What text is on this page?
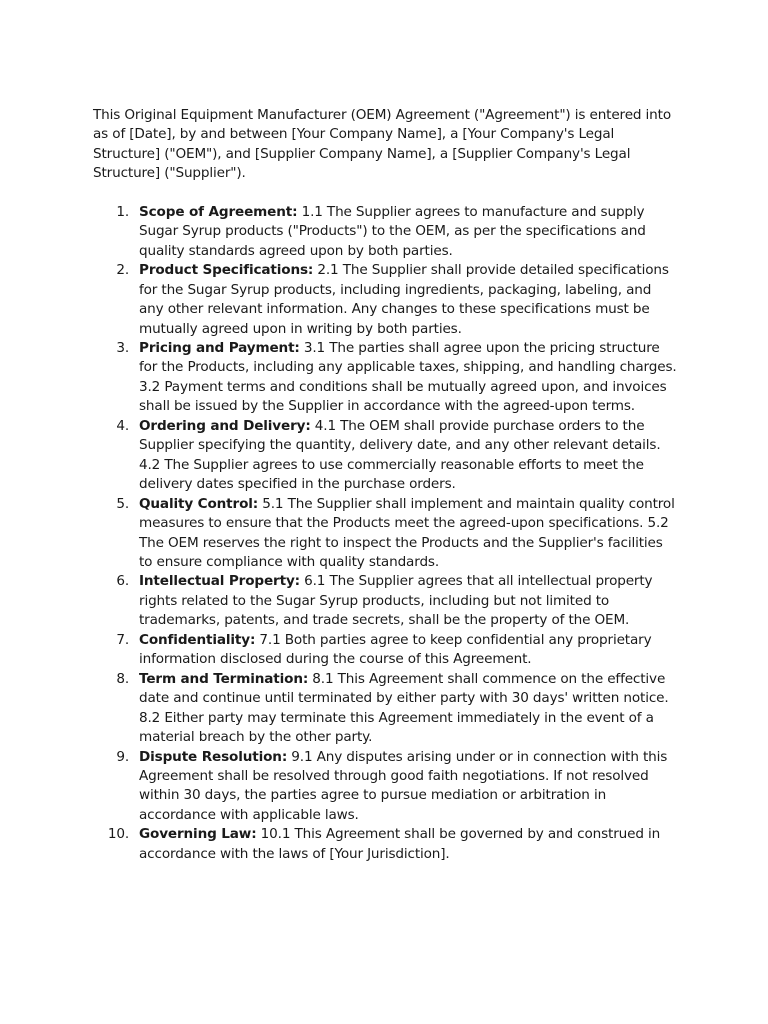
This Original Equipment Manufacturer (OEM) Agreement ("Agreement") is entered into as of [Date], by and between [Your Company Name], a [Your Company's Legal Structure] ("OEM"), and [Supplier Company Name], a [Supplier Company's Legal Structure] ("Supplier").

1. Scope of Agreement: 1.1 The Supplier agrees to manufacture and supply Sugar Syrup products ("Products") to the OEM, as per the specifications and quality standards agreed upon by both parties.
2. Product Specifications: 2.1 The Supplier shall provide detailed specifications for the Sugar Syrup products, including ingredients, packaging, labeling, and any other relevant information. Any changes to these specifications must be mutually agreed upon in writing by both parties.
3. Pricing and Payment: 3.1 The parties shall agree upon the pricing structure for the Products, including any applicable taxes, shipping, and handling charges. 3.2 Payment terms and conditions shall be mutually agreed upon, and invoices shall be issued by the Supplier in accordance with the agreed-upon terms.
4. Ordering and Delivery: 4.1 The OEM shall provide purchase orders to the Supplier specifying the quantity, delivery date, and any other relevant details. 4.2 The Supplier agrees to use commercially reasonable efforts to meet the delivery dates specified in the purchase orders.
5. Quality Control: 5.1 The Supplier shall implement and maintain quality control measures to ensure that the Products meet the agreed-upon specifications. 5.2 The OEM reserves the right to inspect the Products and the Supplier's facilities to ensure compliance with quality standards.
6. Intellectual Property: 6.1 The Supplier agrees that all intellectual property rights related to the Sugar Syrup products, including but not limited to trademarks, patents, and trade secrets, shall be the property of the OEM.
7. Confidentiality: 7.1 Both parties agree to keep confidential any proprietary information disclosed during the course of this Agreement.
8. Term and Termination: 8.1 This Agreement shall commence on the effective date and continue until terminated by either party with 30 days' written notice. 8.2 Either party may terminate this Agreement immediately in the event of a material breach by the other party.
9. Dispute Resolution: 9.1 Any disputes arising under or in connection with this Agreement shall be resolved through good faith negotiations. If not resolved within 30 days, the parties agree to pursue mediation or arbitration in accordance with applicable laws.
10. Governing Law: 10.1 This Agreement shall be governed by and construed in accordance with the laws of [Your Jurisdiction].
